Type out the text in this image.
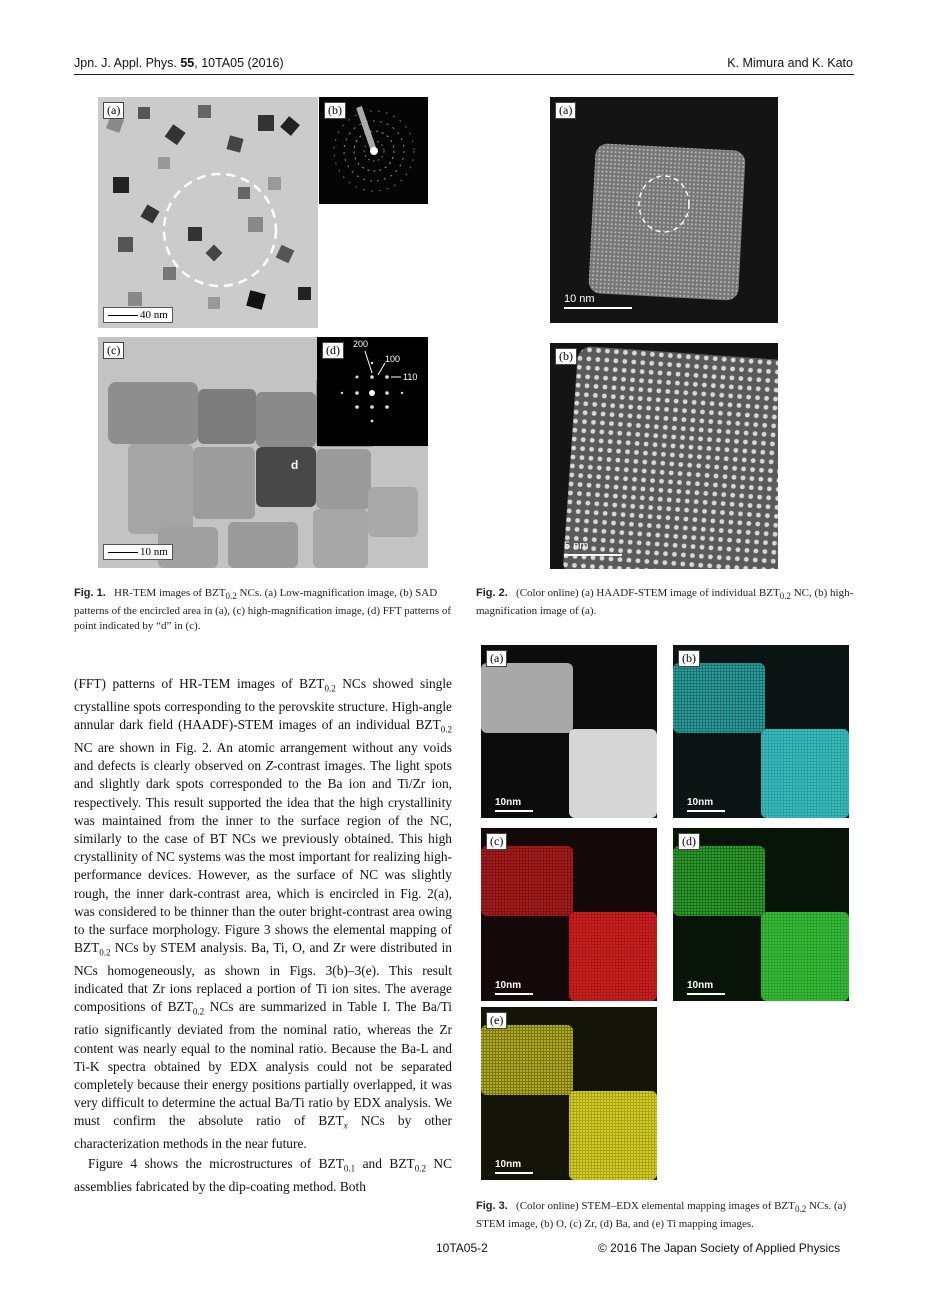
Jpn. J. Appl. Phys. 55, 10TA05 (2016)	K. Mimura and K. Kato
(a)
40 nm
(b)
(c)
d
10 nm
(d)	200
100
110
Fig. 1.   HR-TEM images of $BZT_{0.2}$ NCs. (a) Low-magnification image, (b) SAD patterns of the encircled area in (a), (c) high-magnification image, (d) FFT patterns of point indicated by “d” in (c).
(a)
10 nm
(b)
5 nm
Fig. 2.   (Color online) (a) HAADF-STEM image of individual $BZT_{0.2}$ NC, (b) high-magnification image of (a).
(a)
10nm
(b)
10nm
(c)
10nm
(d)
10nm
(e)
10nm
Fig. 3.   (Color online) STEM–EDX elemental mapping images of $BZT_{0.2}$ NCs. (a) STEM image, (b) O, (c) Zr, (d) Ba, and (e) Ti mapping images.

(FFT) patterns of HR-TEM images of $BZT_{0.2}$ NCs showed single crystalline spots corresponding to the perovskite structure. High-angle annular dark field (HAADF)-STEM images of an individual $BZT_{0.2}$ NC are shown in Fig. 2. An atomic arrangement without any voids and defects is clearly observed on Z-contrast images. The light spots and slightly dark spots corresponded to the Ba ion and Ti/Zr ion, respectively. This result supported the idea that the high crystallinity was maintained from the inner to the surface region of the NC, similarly to the case of BT NCs we previously obtained. This high crystallinity of NC systems was the most important for realizing high-performance devices. However, as the surface of NC was slightly rough, the inner dark-contrast area, which is encircled in Fig. 2(a), was considered to be thinner than the outer bright-contrast area owing to the surface morphology. Figure 3 shows the elemental mapping of $BZT_{0.2}$ NCs by STEM analysis. Ba, Ti, O, and Zr were distributed in NCs homogeneously, as shown in Figs. 3(b)–3(e). This result indicated that Zr ions replaced a portion of Ti ion sites. The average compositions of $BZT_{0.2}$ NCs are summarized in Table I. The Ba/Ti ratio significantly deviated from the nominal ratio, whereas the Zr content was nearly equal to the nominal ratio. Because the Ba-L and Ti-K spectra obtained by EDX analysis could not be separated completely because their energy positions partially overlapped, it was very difficult to determine the actual Ba/Ti ratio by EDX analysis. We must confirm the absolute ratio of $BZT_x$ NCs by other characterization methods in the near future.

Figure 4 shows the microstructures of $BZT_{0.1}$ and $BZT_{0.2}$ NC assemblies fabricated by the dip-coating method. Both

10TA05-2	© 2016 The Japan Society of Applied Physics
